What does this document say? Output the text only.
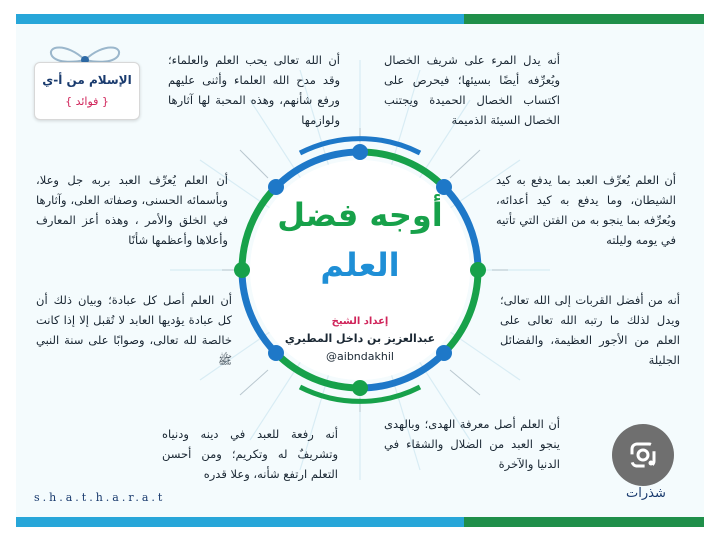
أوجه فضل
العلم
إعداد الشيخ
عبدالعزيز بن داخل المطيري
@aibndakhil
أن الله تعالى يحب العلم والعلماء؛ وقد مدح الله العلماء وأثنى عليهم ورفع شأنهم، وهذه المحبة لها آثارها ولوازمها
أنه يدل المرء على شريف الخصال ويُعرِّفه أيضًا بسيئها؛ فيحرص على اكتساب الخصال الحميدة ويجتنب الخصال السيئة الذميمة
أن العلم يُعرِّف العبد بربه جل وعلا، وبأسمائه الحسنى، وصفاته العلى، وآثارها في الخلق والأمر ، وهذه أعز المعارف وأعلاها وأعظمها شأنًا
أن العلم يُعرِّف العبد بما يدفع به كيد الشيطان، وما يدفع به كيد أعدائه، ويُعرِّفه بما ينجو به من الفتن التي تأتيه في يومه وليلته
أن العلم أصل كل عبادة؛ وبيان ذلك أن كل عبادة يؤديها العابد لا تُقبل إلا إذا كانت خالصة لله تعالى، وصوابًا على سنة النبي ﷺ
أنه من أفضل القربات إلى الله تعالى؛ ويدل لذلك ما رتبه الله تعالى على العلم من الأجور العظيمة، والفضائل الجليلة
أنه رفعة للعبد في دينه ودنياه وتشريفٌ له وتكريم؛ ومن أحسن التعلم ارتفع شأنه، وعلا قدره
أن العلم أصل معرفة الهدى؛ وبالهدى ينجو العبد من الضلال والشقاء في الدنيا والآخرة
الإسلام من أ-ي
{ فوائد }
s.h.a.t.h.a.r.a.t	شذرات
